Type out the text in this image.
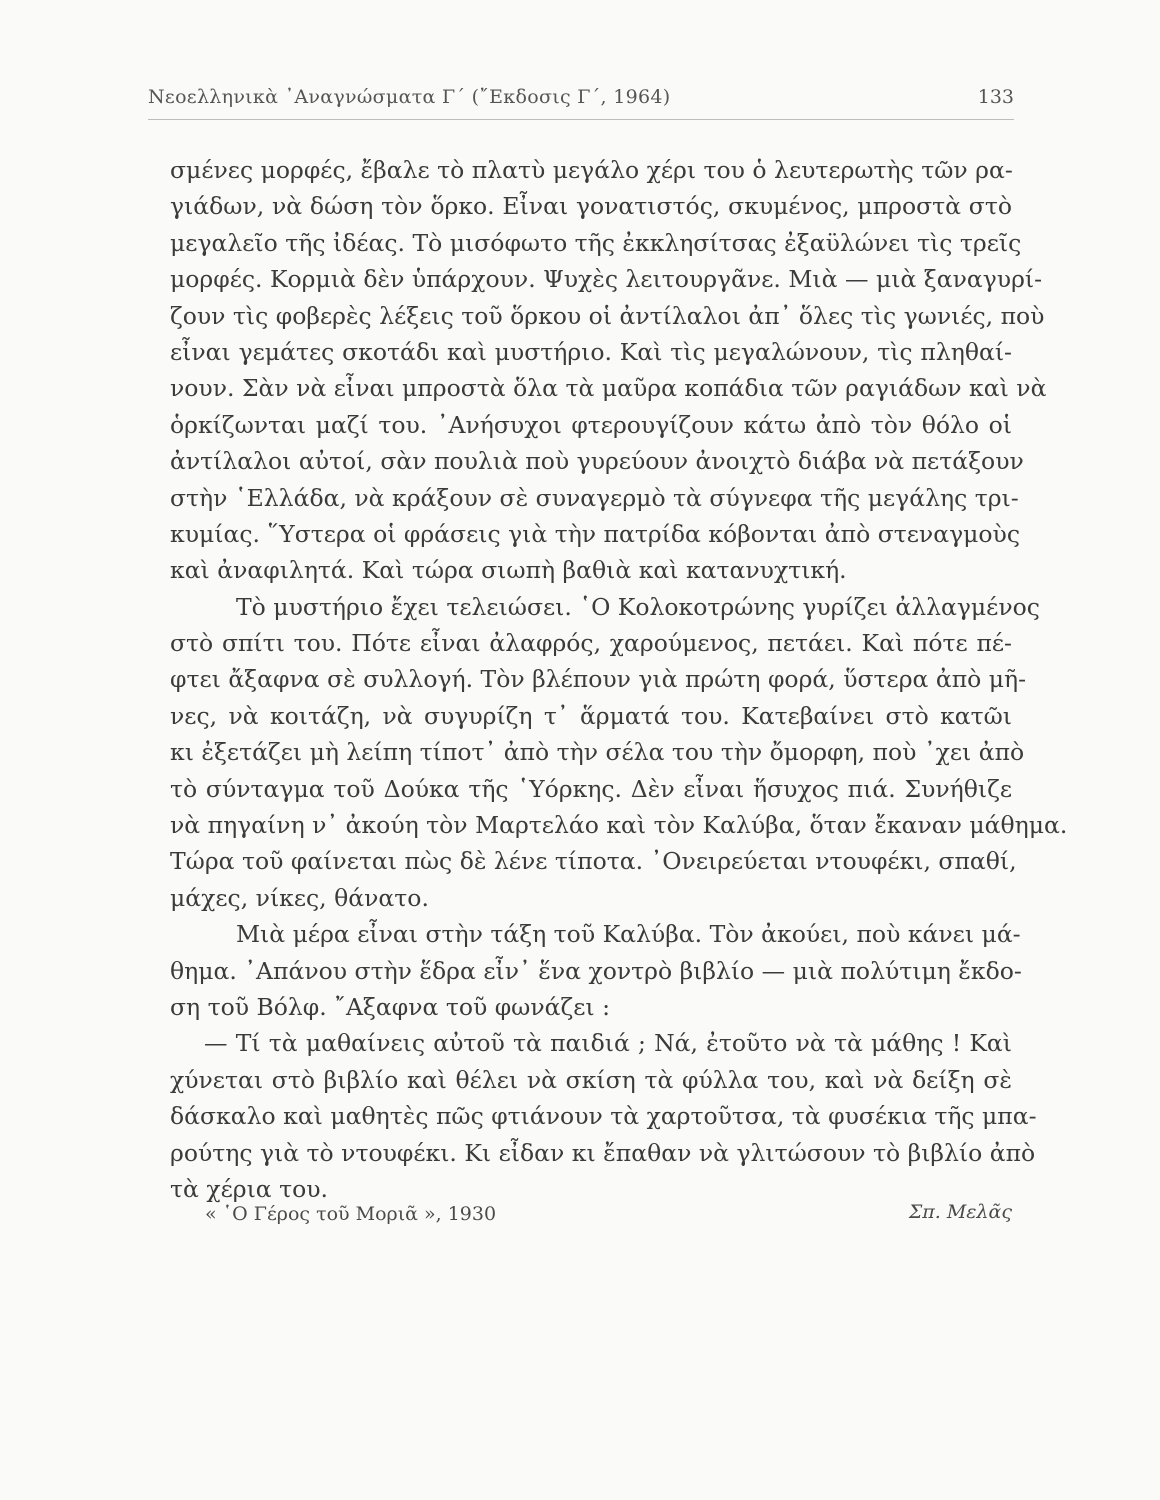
Νεοελληνικὰ ᾿Αναγνώσματα Γ΄ (῎Εκδοσις Γ΄, 1964)	133
σμένες μορφές, ἔβαλε τὸ πλατὺ μεγάλο χέρι του ὁ λευτερωτὴς τῶν ρα-
γιάδων, νὰ δώση τὸν ὅρκο. Εἶναι γονατιστός, σκυμένος, μπροστὰ στὸ
μεγαλεῖο τῆς ἰδέας. Τὸ μισόφωτο τῆς ἐκκλησίτσας ἐξαϋλώνει τὶς τρεῖς
μορφές. Κορμιὰ δὲν ὑπάρχουν. Ψυχὲς λειτουργᾶνε. Μιὰ — μιὰ ξαναγυρί-
ζουν τὶς φοβερὲς λέξεις τοῦ ὅρκου οἱ ἀντίλαλοι ἀπ᾿ ὅλες τὶς γωνιές, ποὺ
εἶναι γεμάτες σκοτάδι καὶ μυστήριο. Καὶ τὶς μεγαλώνουν, τὶς πληθαί-
νουν. Σὰν νὰ εἶναι μπροστὰ ὅλα τὰ μαῦρα κοπάδια τῶν ραγιάδων καὶ νὰ
ὁρκίζωνται μαζί του. ᾿Ανήσυχοι φτερουγίζουν κάτω ἀπὸ τὸν θόλο οἱ
ἀντίλαλοι αὐτοί, σὰν πουλιὰ ποὺ γυρεύουν ἀνοιχτὸ διάβα νὰ πετάξουν
στὴν ῾Ελλάδα, νὰ κράξουν σὲ συναγερμὸ τὰ σύγνεφα τῆς μεγάλης τρι-
κυμίας. ῞Υστερα οἱ φράσεις γιὰ τὴν πατρίδα κόβονται ἀπὸ στεναγμοὺς
καὶ ἀναφιλητά. Καὶ τώρα σιωπὴ βαθιὰ καὶ κατανυχτική.
Τὸ μυστήριο ἔχει τελειώσει. ῾Ο Κολοκοτρώνης γυρίζει ἀλλαγμένος
στὸ σπίτι του. Πότε εἶναι ἀλαφρός, χαρούμενος, πετάει. Καὶ πότε πέ-
φτει ἄξαφνα σὲ συλλογή. Τὸν βλέπουν γιὰ πρώτη φορά, ὕστερα ἀπὸ μῆ-
νες, νὰ κοιτάζη, νὰ συγυρίζη τ᾿ ἅρματά του. Κατεβαίνει στὸ κατῶι
κι ἐξετάζει μὴ λείπη τίποτ᾿ ἀπὸ τὴν σέλα του τὴν ὄμορφη, ποὺ ᾿χει ἀπὸ
τὸ σύνταγμα τοῦ Δούκα τῆς ῾Υόρκης. Δὲν εἶναι ἥσυχος πιά. Συνήθιζε
νὰ πηγαίνη ν᾿ ἀκούη τὸν Μαρτελάο καὶ τὸν Καλύβα, ὅταν ἔκαναν μάθημα.
Τώρα τοῦ φαίνεται πὼς δὲ λένε τίποτα. ᾿Ονειρεύεται ντουφέκι, σπαθί,
μάχες, νίκες, θάνατο.
Μιὰ μέρα εἶναι στὴν τάξη τοῦ Καλύβα. Τὸν ἀκούει, ποὺ κάνει μά-
θημα. ᾿Απάνου στὴν ἕδρα εἶν᾿ ἕνα χοντρὸ βιβλίο — μιὰ πολύτιμη ἔκδο-
ση τοῦ Βόλφ. ῎Αξαφνα τοῦ φωνάζει :
— Τί τὰ μαθαίνεις αὐτοῦ τὰ παιδιά ; Νά, ἐτοῦτο νὰ τὰ μάθης ! Καὶ
χύνεται στὸ βιβλίο καὶ θέλει νὰ σκίση τὰ φύλλα του, καὶ νὰ δείξη σὲ
δάσκαλο καὶ μαθητὲς πῶς φτιάνουν τὰ χαρτοῦτσα, τὰ φυσέκια τῆς μπα-
ρούτης γιὰ τὸ ντουφέκι. Κι εἶδαν κι ἔπαθαν νὰ γλιτώσουν τὸ βιβλίο ἀπὸ
τὰ χέρια του.
« ῾Ο Γέρος τοῦ Μοριᾶ », 1930	Σπ. Μελᾶς
